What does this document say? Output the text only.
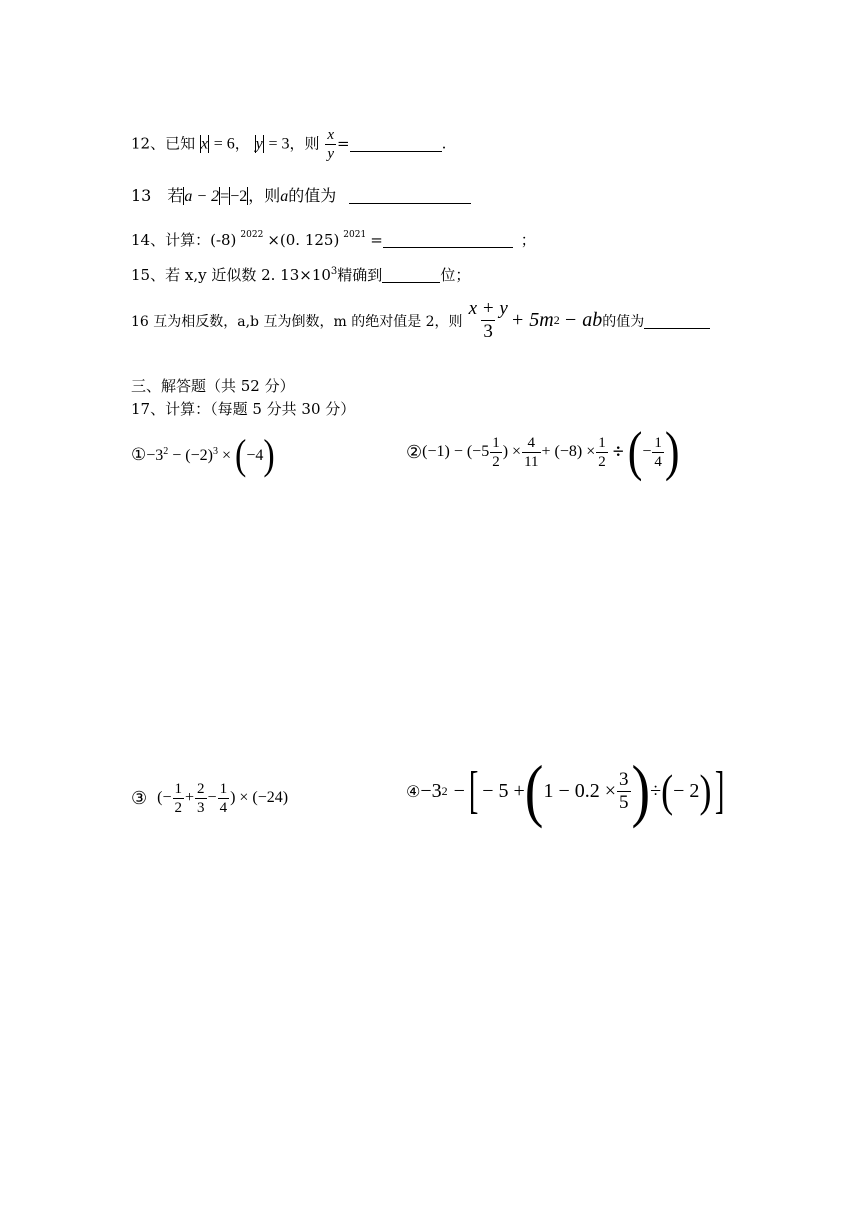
12、已知 x = 6， y = 3，则 $\frac{x}{y}$ =	.
13　若a − 2=−2，则a的值为
14、计算：(-8) $^{2022}$ ×(0. 125) $^{2021}$ =	；
15、若 x,y 近似数 2. $13\times 10^3$精确到	位；
16 互为相反数，a,b 互为倒数，m 的绝对值是 2，则 $\frac{x + y}{3} + 5m$ 2 − ab 的值为
三、解答题（共 52 分）
17、计算：（每题 5 分共 30 分）
$①-3^2 - (-2)^3 \times (-4)$	② $(-1) - (-5 \frac{1}{2}$ ) × $\frac{4}{11} + (-8) \times \frac{1}{2}$ ÷ ( − $\frac{1}{4}$ )
③ (− $\frac{1}{2} + \frac{2}{3} - \frac{1}{4}$ ) × (−24)	④ −3 2 − [ − 5 + ( $1 - 0.2 \times \frac{3}{5}$ ) ÷ ( − 2 ) ]
